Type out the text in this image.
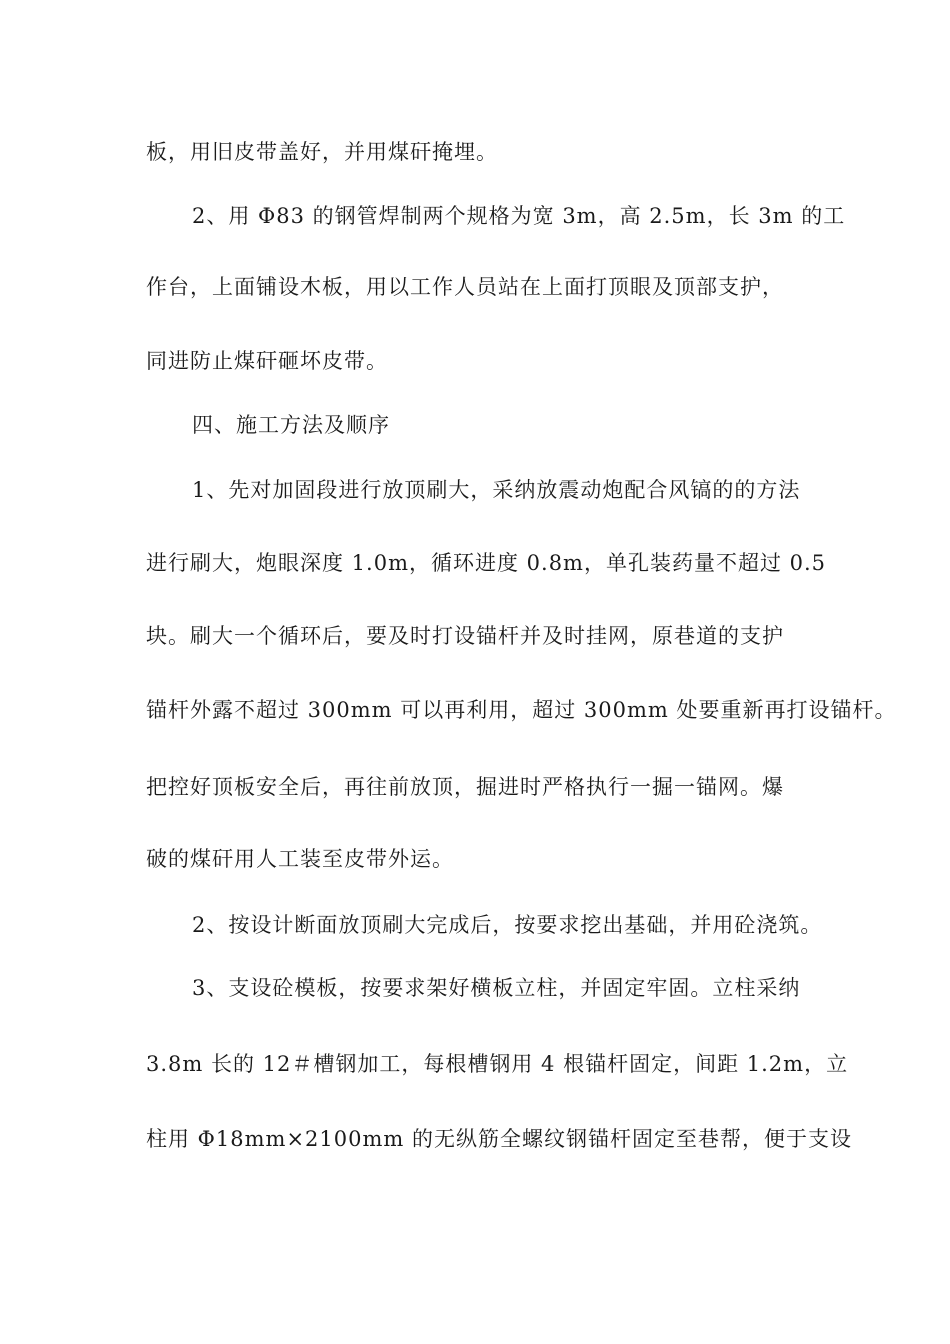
板，用旧皮带盖好，并用煤矸掩埋。
2、用 Φ83 的钢管焊制两个规格为宽 3m，高 2.5m，长 3m 的工
作台，上面铺设木板，用以工作人员站在上面打顶眼及顶部支护，
同进防止煤矸砸坏皮带。
四、施工方法及顺序
1、先对加固段进行放顶刷大，采纳放震动炮配合风镐的的方法
进行刷大，炮眼深度 1.0m，循环进度 0.8m，单孔装药量不超过 0.5
块。刷大一个循环后，要及时打设锚杆并及时挂网，原巷道的支护
锚杆外露不超过 300mm 可以再利用，超过 300mm 处要重新再打设锚杆。
把控好顶板安全后，再往前放顶，掘进时严格执行一掘一锚网。爆
破的煤矸用人工装至皮带外运。
2、按设计断面放顶刷大完成后，按要求挖出基础，并用砼浇筑。
3、支设砼模板，按要求架好横板立柱，并固定牢固。立柱采纳
3.8m 长的 12＃槽钢加工，每根槽钢用 4 根锚杆固定，间距 1.2m，立
柱用 Φ18mm×2100mm 的无纵筋全螺纹钢锚杆固定至巷帮，便于支设
